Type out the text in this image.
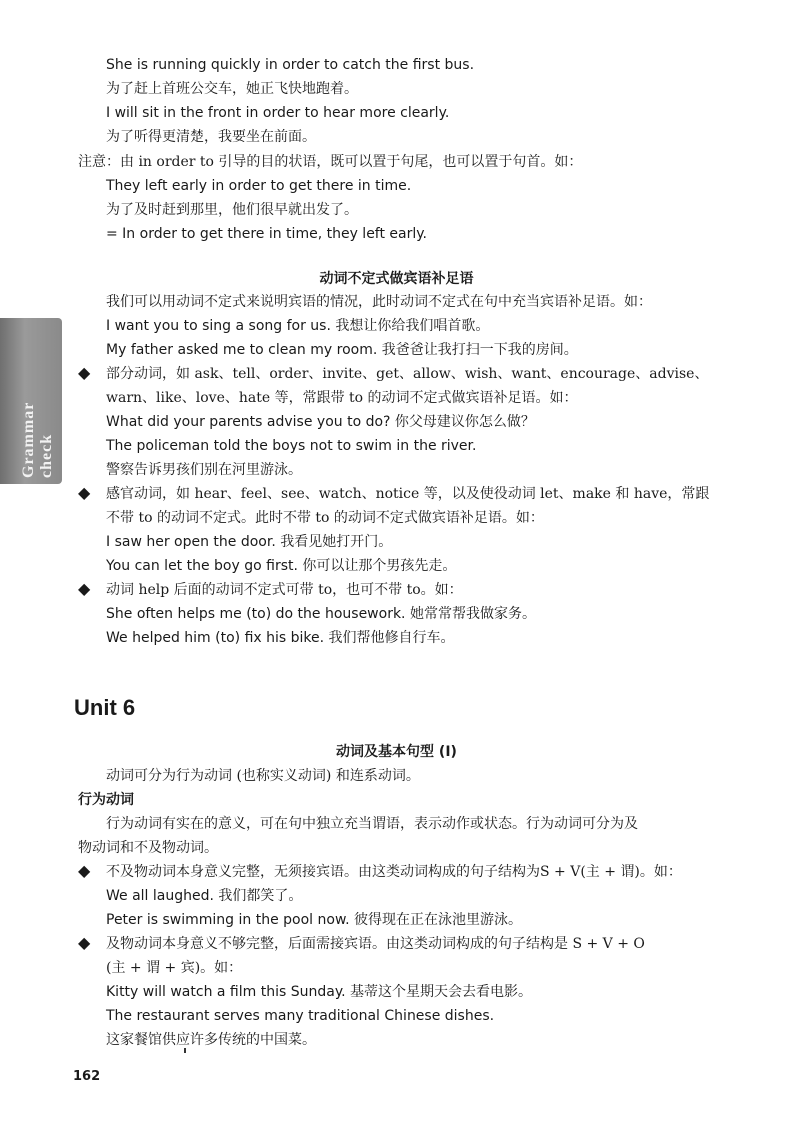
Grammar check
She is running quickly in order to catch the first bus.
为了赶上首班公交车，她正飞快地跑着。
I will sit in the front in order to hear more clearly.
为了听得更清楚，我要坐在前面。
注意：由 in order to 引导的目的状语，既可以置于句尾，也可以置于句首。如：
They left early in order to get there in time.
为了及时赶到那里，他们很早就出发了。
= In order to get there in time, they left early.
动词不定式做宾语补足语
我们可以用动词不定式来说明宾语的情况，此时动词不定式在句中充当宾语补足语。如：
I want you to sing a song for us. 我想让你给我们唱首歌。
My father asked me to clean my room. 我爸爸让我打扫一下我的房间。
◆ 部分动词，如 ask、tell、order、invite、get、allow、wish、want、encourage、advise、
warn、like、love、hate 等，常跟带 to 的动词不定式做宾语补足语。如：
What did your parents advise you to do? 你父母建议你怎么做？
The policeman told the boys not to swim in the river.
警察告诉男孩们别在河里游泳。
◆ 感官动词，如 hear、feel、see、watch、notice 等，以及使役动词 let、make 和 have，常跟
不带 to 的动词不定式。此时不带 to 的动词不定式做宾语补足语。如：
I saw her open the door. 我看见她打开门。
You can let the boy go first. 你可以让那个男孩先走。
◆ 动词 help 后面的动词不定式可带 to，也可不带 to。如：
She often helps me (to) do the housework. 她常常帮我做家务。
We helped him (to) fix his bike. 我们帮他修自行车。
Unit 6
动词及基本句型 (I)
动词可分为行为动词 (也称实义动词) 和连系动词。
行为动词
行为动词有实在的意义，可在句中独立充当谓语，表示动作或状态。行为动词可分为及
物动词和不及物动词。
◆ 不及物动词本身意义完整，无须接宾语。由这类动词构成的句子结构为S + V(主 + 谓)。如：
We all laughed. 我们都笑了。
Peter is swimming in the pool now. 彼得现在正在泳池里游泳。
◆ 及物动词本身意义不够完整，后面需接宾语。由这类动词构成的句子结构是 S + V + O
(主 + 谓 + 宾)。如：
Kitty will watch a film this Sunday. 基蒂这个星期天会去看电影。
The restaurant serves many traditional Chinese dishes.
这家餐馆供应许多传统的中国菜。
162
